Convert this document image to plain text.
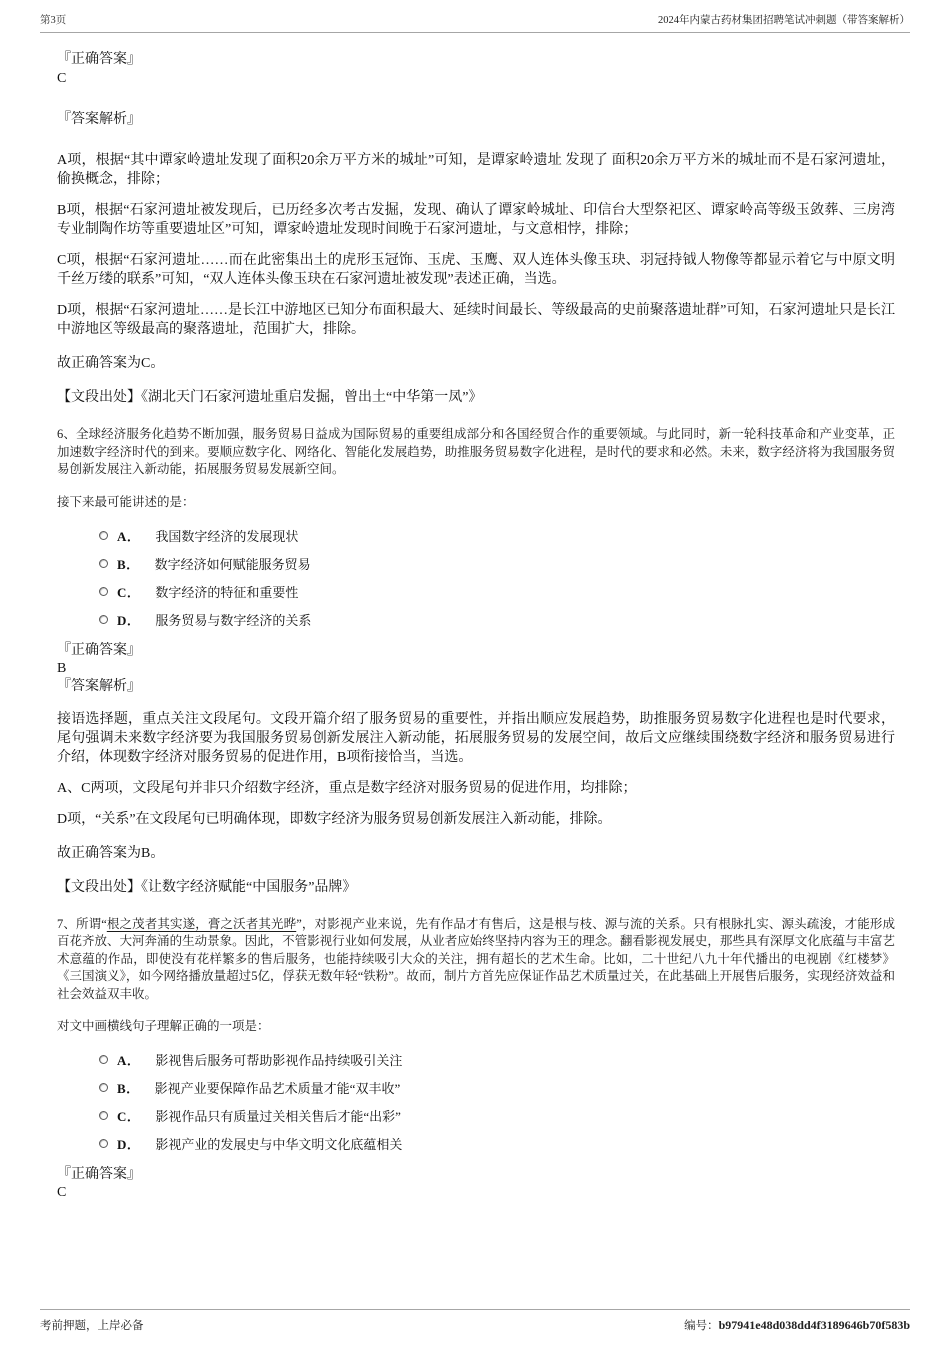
第3页	2024年内蒙古药材集团招聘笔试冲刺题（带答案解析）
『正确答案』
C
『答案解析』

A项，根据“其中谭家岭遗址发现了面积20余万平方米的城址”可知，是谭家岭遗址 发现了 面积20余万平方米的城址而不是石家河遗址，偷换概念，排除；

B项，根据“石家河遗址被发现后，已历经多次考古发掘，发现、确认了谭家岭城址、印信台大型祭祀区、谭家岭高等级玉敛葬、三房湾专业制陶作坊等重要遗址区”可知，谭家岭遗址发现时间晚于石家河遗址，与文意相悖，排除；

C项，根据“石家河遗址……而在此密集出土的虎形玉冠饰、玉虎、玉鹰、双人连体头像玉玦、羽冠持钺人物像等都显示着它与中原文明千丝万缕的联系”可知，“双人连体头像玉玦在石家河遗址被发现”表述正确，当选。

D项，根据“石家河遗址……是长江中游地区已知分布面积最大、延续时间最长、等级最高的史前聚落遗址群”可知，石家河遗址只是长江中游地区等级最高的聚落遗址，范围扩大，排除。

故正确答案为C。

【文段出处】《湖北天门石家河遗址重启发掘，曾出土“中华第一凤”》

6、全球经济服务化趋势不断加强，服务贸易日益成为国际贸易的重要组成部分和各国经贸合作的重要领域。与此同时，新一轮科技革命和产业变革，正加速数字经济时代的到来。要顺应数字化、网络化、智能化发展趋势，助推服务贸易数字化进程，是时代的要求和必然。未来，数字经济将为我国服务贸易创新发展注入新动能，拓展服务贸易发展新空间。

接下来最可能讲述的是：

A． 我国数字经济的发展现状
B． 数字经济如何赋能服务贸易
C． 数字经济的特征和重要性
D． 服务贸易与数字经济的关系
『正确答案』
B
『答案解析』

接语选择题，重点关注文段尾句。文段开篇介绍了服务贸易的重要性，并指出顺应发展趋势，助推服务贸易数字化进程也是时代要求，尾句强调未来数字经济要为我国服务贸易创新发展注入新动能，拓展服务贸易的发展空间，故后文应继续围绕数字经济和服务贸易进行介绍，体现数字经济对服务贸易的促进作用，B项衔接恰当，当选。

A、C两项，文段尾句并非只介绍数字经济，重点是数字经济对服务贸易的促进作用，均排除；

D项，“关系”在文段尾句已明确体现，即数字经济为服务贸易创新发展注入新动能，排除。

故正确答案为B。

【文段出处】《让数字经济赋能“中国服务”品牌》

7、所谓“根之茂者其实遂，膏之沃者其光晔”，对影视产业来说，先有作品才有售后，这是根与枝、源与流的关系。只有根脉扎实、源头疏浚，才能形成百花齐放、大河奔涌的生动景象。因此，不管影视行业如何发展，从业者应始终坚持内容为王的理念。翻看影视发展史，那些具有深厚文化底蕴与丰富艺术意蕴的作品，即使没有花样繁多的售后服务，也能持续吸引大众的关注，拥有超长的艺术生命。比如，二十世纪八九十年代播出的电视剧《红楼梦》《三国演义》，如今网络播放量超过5亿，俘获无数年轻“铁粉”。故而，制片方首先应保证作品艺术质量过关，在此基础上开展售后服务，实现经济效益和社会效益双丰收。

对文中画横线句子理解正确的一项是：

A． 影视售后服务可帮助影视作品持续吸引关注
B． 影视产业要保障作品艺术质量才能“双丰收”
C． 影视作品只有质量过关相关售后才能“出彩”
D． 影视产业的发展史与中华文明文化底蕴相关
『正确答案』
C
考前押题，上岸必备	编号：b97941e48d038dd4f3189646b70f583b
